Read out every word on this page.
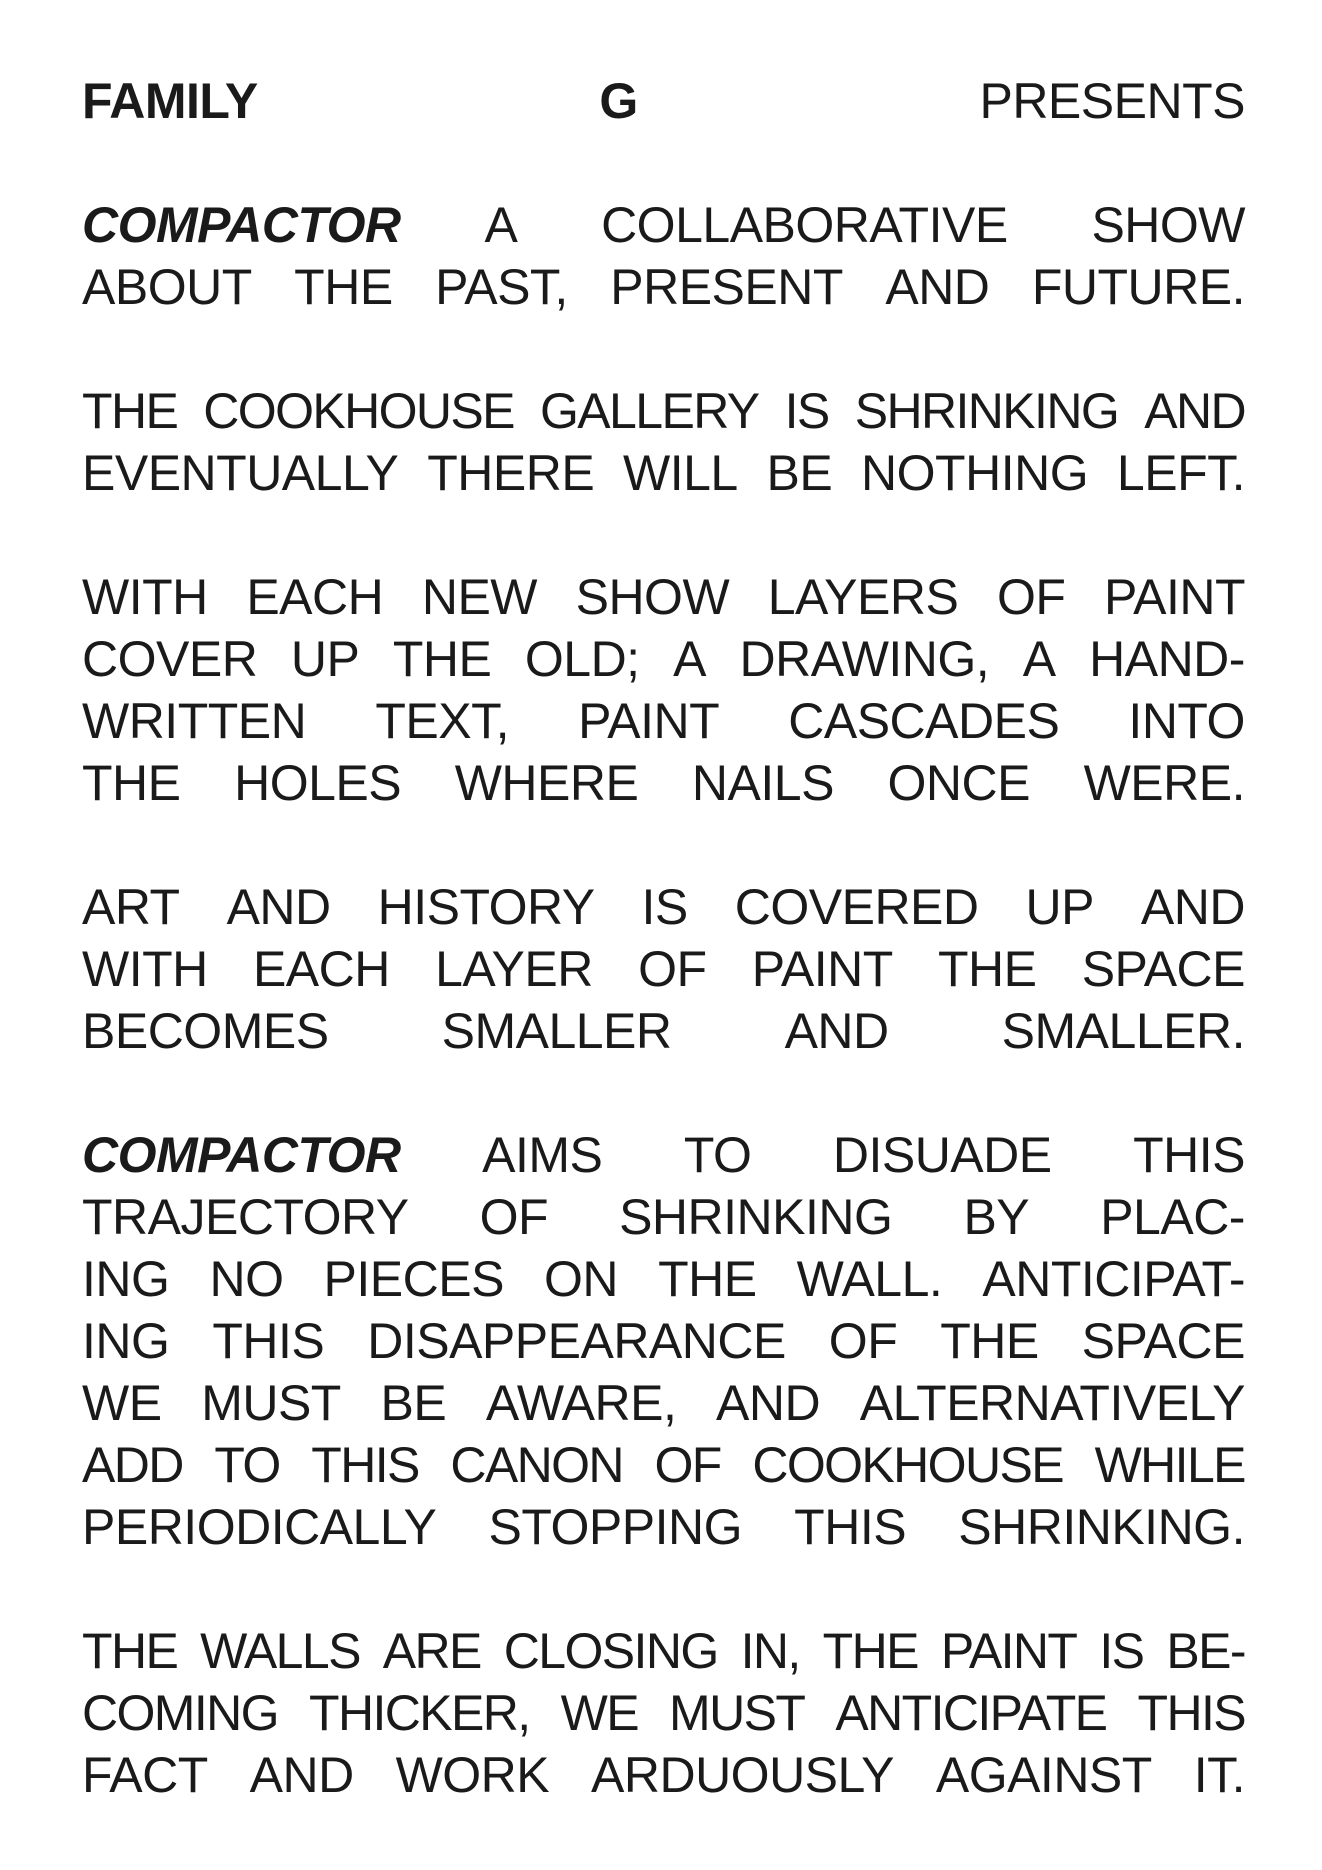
FAMILY	G	PRESENTS
COMPACTOR A COLLABORATIVE SHOW
ABOUT THE PAST, PRESENT AND FUTURE.
THE COOKHOUSE GALLERY IS SHRINKING AND
EVENTUALLY THERE WILL BE NOTHING LEFT.
WITH EACH NEW SHOW LAYERS OF PAINT
COVER UP THE OLD; A DRAWING, A HAND-
WRITTEN TEXT, PAINT CASCADES INTO
THE HOLES WHERE NAILS ONCE WERE.
ART AND HISTORY IS COVERED UP AND
WITH EACH LAYER OF PAINT THE SPACE
BECOMES SMALLER AND SMALLER.
COMPACTOR AIMS TO DISUADE THIS
TRAJECTORY OF SHRINKING BY PLAC-
ING NO PIECES ON THE WALL. ANTICIPAT-
ING THIS DISAPPEARANCE OF THE SPACE
WE MUST BE AWARE, AND ALTERNATIVELY
ADD TO THIS CANON OF COOKHOUSE WHILE
PERIODICALLY STOPPING THIS SHRINKING.
THE WALLS ARE CLOSING IN, THE PAINT IS BE-
COMING THICKER, WE MUST ANTICIPATE THIS
FACT AND WORK ARDUOUSLY AGAINST IT.
